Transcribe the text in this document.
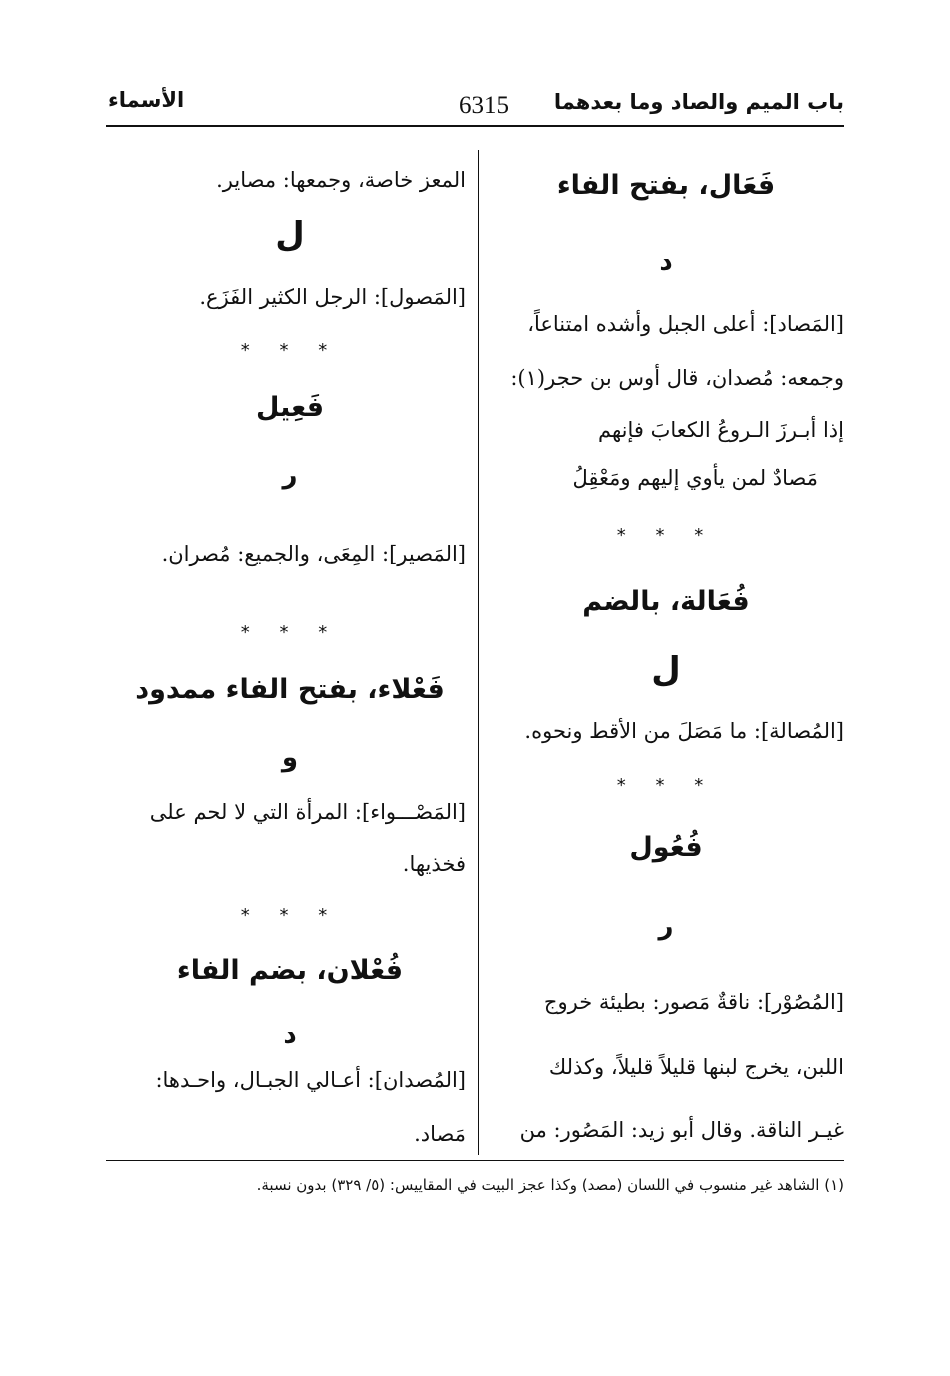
باب الميم والصاد وما بعدهما
6315
الأسماء
فَعَال، بفتح الفاء
د
[المَصاد]: أعلى الجبل وأشده امتناعاً،
وجمعه: مُصدان، قال أوس بن حجر(١):
إذا أبـرزَ الـروعُ الكعابَ فإنهم
مَصادٌ لمن يأوي إليهم ومَعْقِلُ
* * *
فُعَالة، بالضم
ل
[المُصالة]: ما مَصَلَ من الأقط ونحوه.
* * *
فُعُول
ر
[المُصُوْر]: ناقةٌ مَصور: بطيئة خروج
اللبن، يخرج لبنها قليلاً قليلاً، وكذلك
غيـر الناقة. وقال أبو زيد: المَصُور: من
المعز خاصة، وجمعها: مصاير.
ل
[المَصول]: الرجل الكثير الفَزَع.
* * *
فَعِيل
ر
[المَصير]: المِعَى، والجميع: مُصران.
* * *
فَعْلاء، بفتح الفاء ممدود
و
[المَصْـــواء]: المرأة التي لا لحم على
فخذيها.
* * *
فُعْلان، بضم الفاء
د
[المُصدان]: أعـالي الجبـال، واحـدها:
مَصاد.
(١) الشاهد غير منسوب في اللسان (مصد) وكذا عجز البيت في المقاييس: (٥/ ٣٢٩) بدون نسبة.
